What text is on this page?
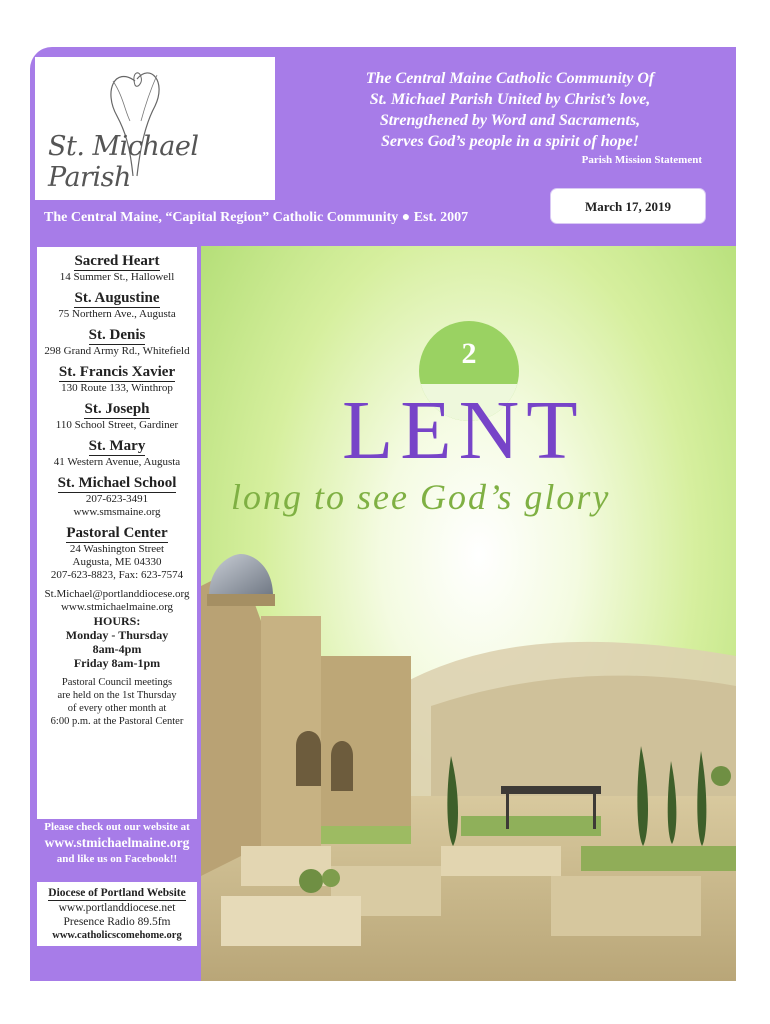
St. Michael Parish
The Central Maine Catholic Community Of
St. Michael Parish United by Christ’s love,
Strengthened by Word and Sacraments,
Serves God’s people in a spirit of hope!
Parish Mission Statement
March 17, 2019
The Central Maine, “Capital Region” Catholic Community ● Est. 2007
Sacred Heart
14 Summer St., Hallowell
St. Augustine
75 Northern Ave., Augusta
St. Denis
298 Grand Army Rd., Whitefield
St. Francis Xavier
130 Route 133, Winthrop
St. Joseph
110 School Street, Gardiner
St. Mary
41 Western Avenue, Augusta
St. Michael School
207-623-3491
www.smsmaine.org
Pastoral Center
24 Washington Street
Augusta, ME 04330
207-623-8823, Fax: 623-7574
St.Michael@portlanddiocese.org
www.stmichaelmaine.org
HOURS:
Monday - Thursday
8am-4pm
Friday 8am-1pm
Pastoral Council meetings
are held on the 1st Thursday
of every other month at
6:00 p.m. at the Pastoral Center
Please check out our website at
www.stmichaelmaine.org
and like us on Facebook!!
Diocese of Portland Website
www.portlanddiocese.net
Presence Radio 89.5fm
www.catholicscomehome.org
2
LENT
long to see God’s glory
